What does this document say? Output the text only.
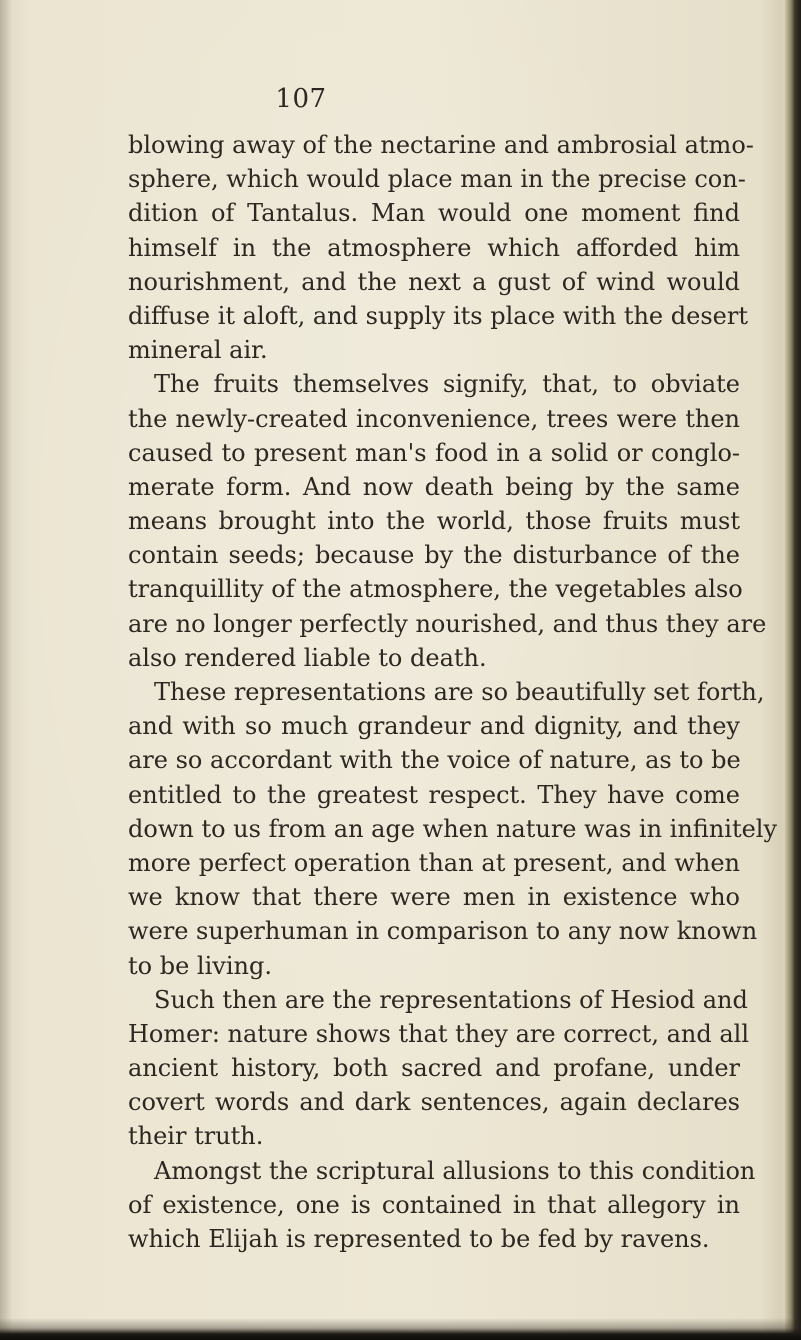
107
blowing away of the nectarine and ambrosial atmo-
sphere, which would place man in the precise con-
dition of Tantalus. Man would one moment find
himself in the atmosphere which afforded him
nourishment, and the next a gust of wind would
diffuse it aloft, and supply its place with the desert
mineral air.
The fruits themselves signify, that, to obviate
the newly-created inconvenience, trees were then
caused to present man's food in a solid or conglo-
merate form. And now death being by the same
means brought into the world, those fruits must
contain seeds; because by the disturbance of the
tranquillity of the atmosphere, the vegetables also
are no longer perfectly nourished, and thus they are
also rendered liable to death.
These representations are so beautifully set forth,
and with so much grandeur and dignity, and they
are so accordant with the voice of nature, as to be
entitled to the greatest respect. They have come
down to us from an age when nature was in infinitely
more perfect operation than at present, and when
we know that there were men in existence who
were superhuman in comparison to any now known
to be living.
Such then are the representations of Hesiod and
Homer: nature shows that they are correct, and all
ancient history, both sacred and profane, under
covert words and dark sentences, again declares
their truth.
Amongst the scriptural allusions to this condition
of existence, one is contained in that allegory in
which Elijah is represented to be fed by ravens.
